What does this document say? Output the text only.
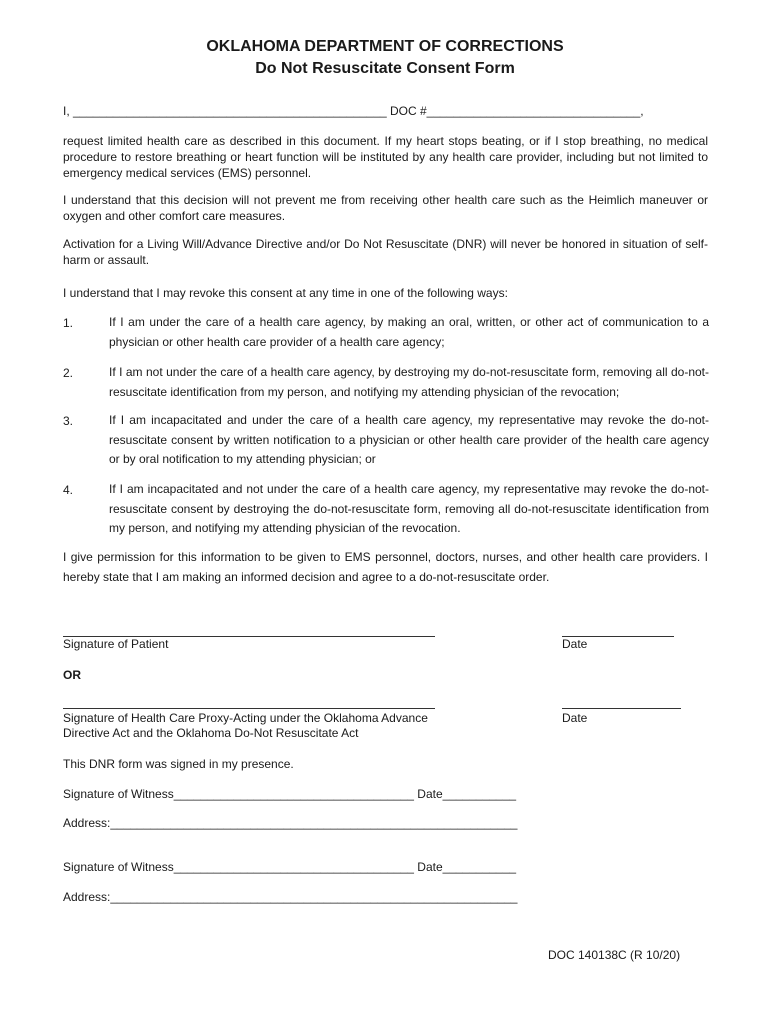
OKLAHOMA DEPARTMENT OF CORRECTIONS
Do Not Resuscitate Consent Form
I, _______________________________________________ DOC #________________________________,
request limited health care as described in this document. If my heart stops beating, or if I stop breathing, no medical procedure to restore breathing or heart function will be instituted by any health care provider, including but not limited to emergency medical services (EMS) personnel.
I understand that this decision will not prevent me from receiving other health care such as the Heimlich maneuver or oxygen and other comfort care measures.
Activation for a Living Will/Advance Directive and/or Do Not Resuscitate (DNR) will never be honored in situation of self-harm or assault.
I understand that I may revoke this consent at any time in one of the following ways:
1.	If I am under the care of a health care agency, by making an oral, written, or other act of communication to a physician or other health care provider of a health care agency;
2.	If I am not under the care of a health care agency, by destroying my do-not-resuscitate form, removing all do-not-resuscitate identification from my person, and notifying my attending physician of the revocation;
3.	If I am incapacitated and under the care of a health care agency, my representative may revoke the do-not-resuscitate consent by written notification to a physician or other health care provider of the health care agency or by oral notification to my attending physician; or
4.	If I am incapacitated and not under the care of a health care agency, my representative may revoke the do-not-resuscitate consent by destroying the do-not-resuscitate form, removing all do-not-resuscitate identification from my person, and notifying my attending physician of the revocation.
I give permission for this information to be given to EMS personnel, doctors, nurses, and other health care providers. I hereby state that I am making an informed decision and agree to a do-not-resuscitate order.
Signature of Patient	Date
OR
Signature of Health Care Proxy-Acting under the Oklahoma Advance
Directive Act and the Oklahoma Do-Not Resuscitate Act
Date
This DNR form was signed in my presence.
Signature of Witness____________________________________ Date___________
Address:_____________________________________________________________
Signature of Witness____________________________________ Date___________
Address:_____________________________________________________________
DOC 140138C (R 10/20)
